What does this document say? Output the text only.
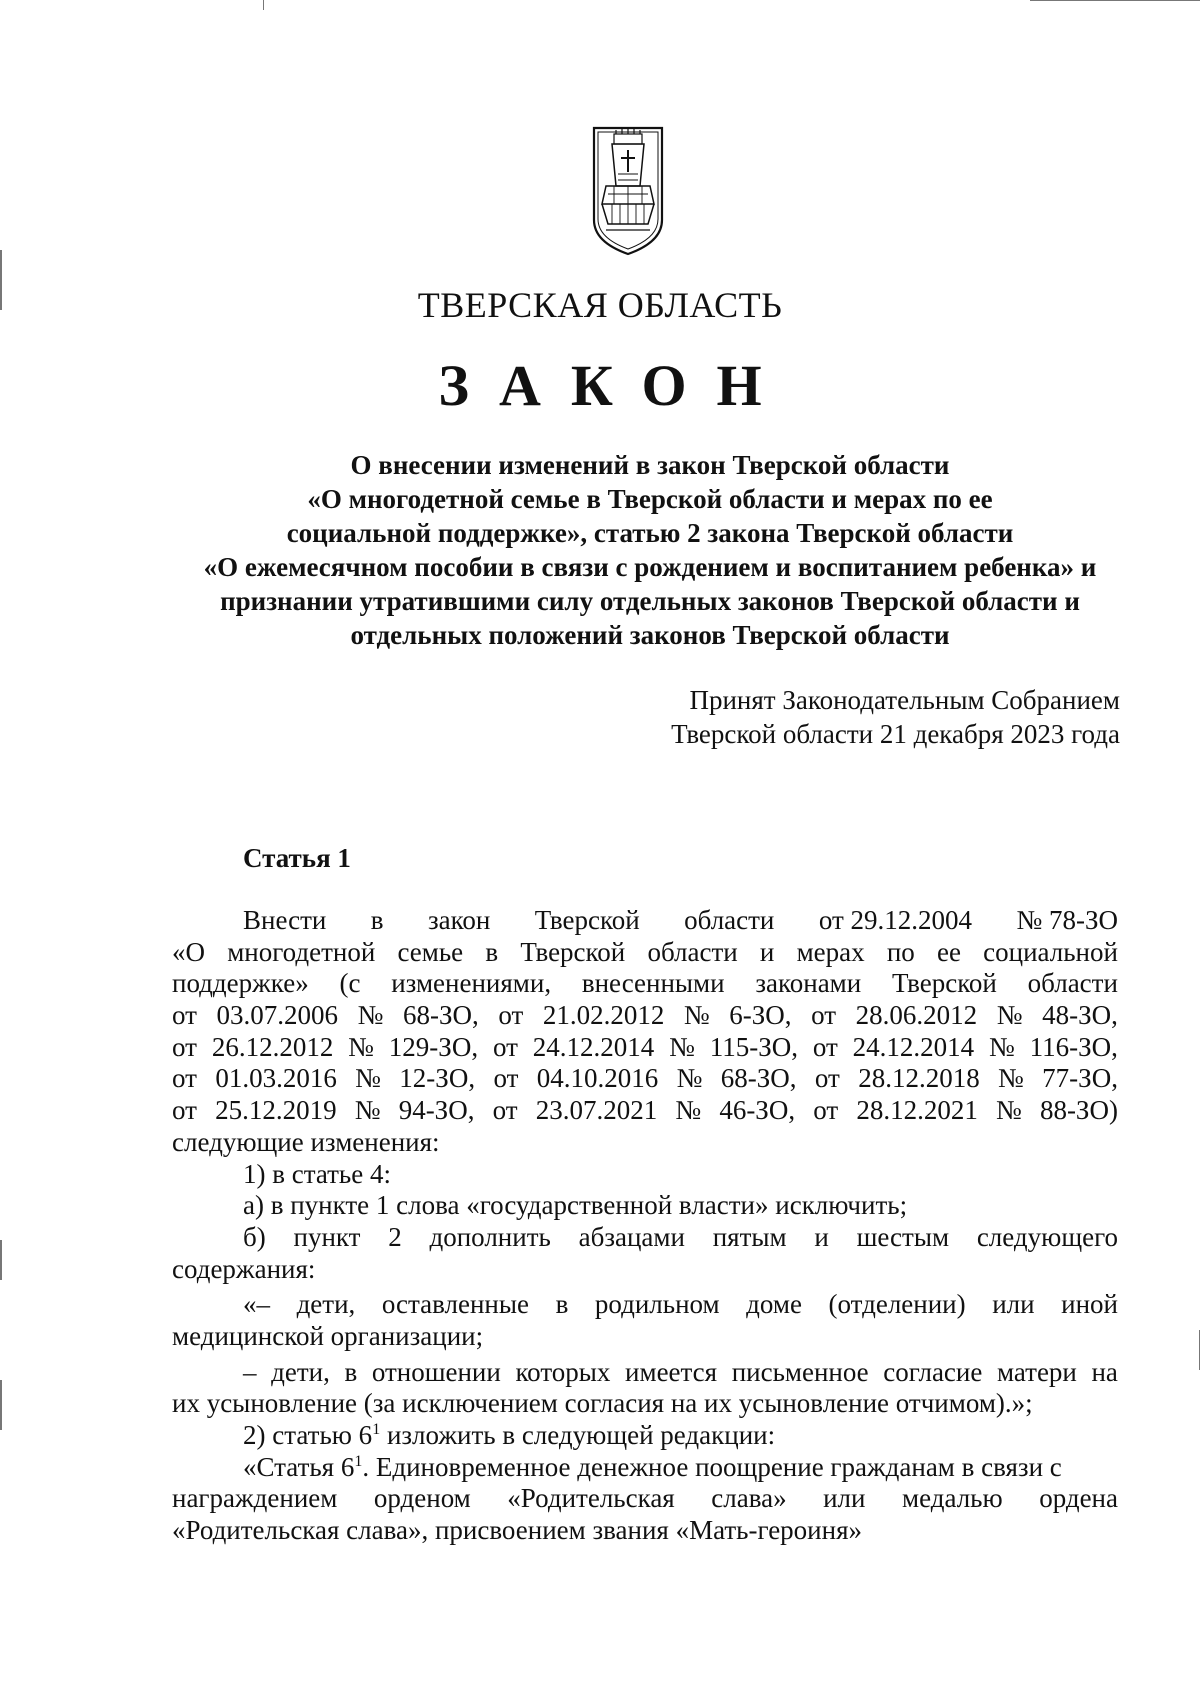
ТВЕРСКАЯ ОБЛАСТЬ
ЗАКОН
О внесении изменений в закон Тверской области
«О многодетной семье в Тверской области и мерах по ее
социальной поддержке», статью 2 закона Тверской области
«О ежемесячном пособии в связи с рождением и воспитанием ребенка» и
признании утратившими силу отдельных законов Тверской области и
отдельных положений законов Тверской области
Принят Законодательным Собранием
Тверской области 21 декабря 2023 года
Статья 1
Внести в закон Тверской области от 29.12.2004 № 78-ЗО
«О многодетной семье в Тверской области и мерах по ее социальной
поддержке» (с изменениями, внесенными законами Тверской области
от 03.07.2006 № 68-ЗО, от 21.02.2012 № 6-ЗО, от 28.06.2012 № 48-ЗО,
от 26.12.2012 № 129-ЗО, от 24.12.2014 № 115-ЗО, от 24.12.2014 № 116-ЗО,
от 01.03.2016 № 12-ЗО, от 04.10.2016 № 68-ЗО, от 28.12.2018 № 77-ЗО,
от 25.12.2019 № 94-ЗО, от 23.07.2021 № 46-ЗО, от 28.12.2021 № 88-ЗО)
следующие изменения:
1) в статье 4:
а) в пункте 1 слова «государственной власти» исключить;
б) пункт 2 дополнить абзацами пятым и шестым следующего
содержания:
«– дети, оставленные в родильном доме (отделении) или иной
медицинской организации;
– дети, в отношении которых имеется письменное согласие матери на
их усыновление (за исключением согласия на их усыновление отчимом).»;
2) статью $6^1$ изложить в следующей редакции:
«Статья $6^1$. Единовременное денежное поощрение гражданам в связи с
награждением орденом «Родительская слава» или медалью ордена
«Родительская слава», присвоением звания «Мать-героиня»
